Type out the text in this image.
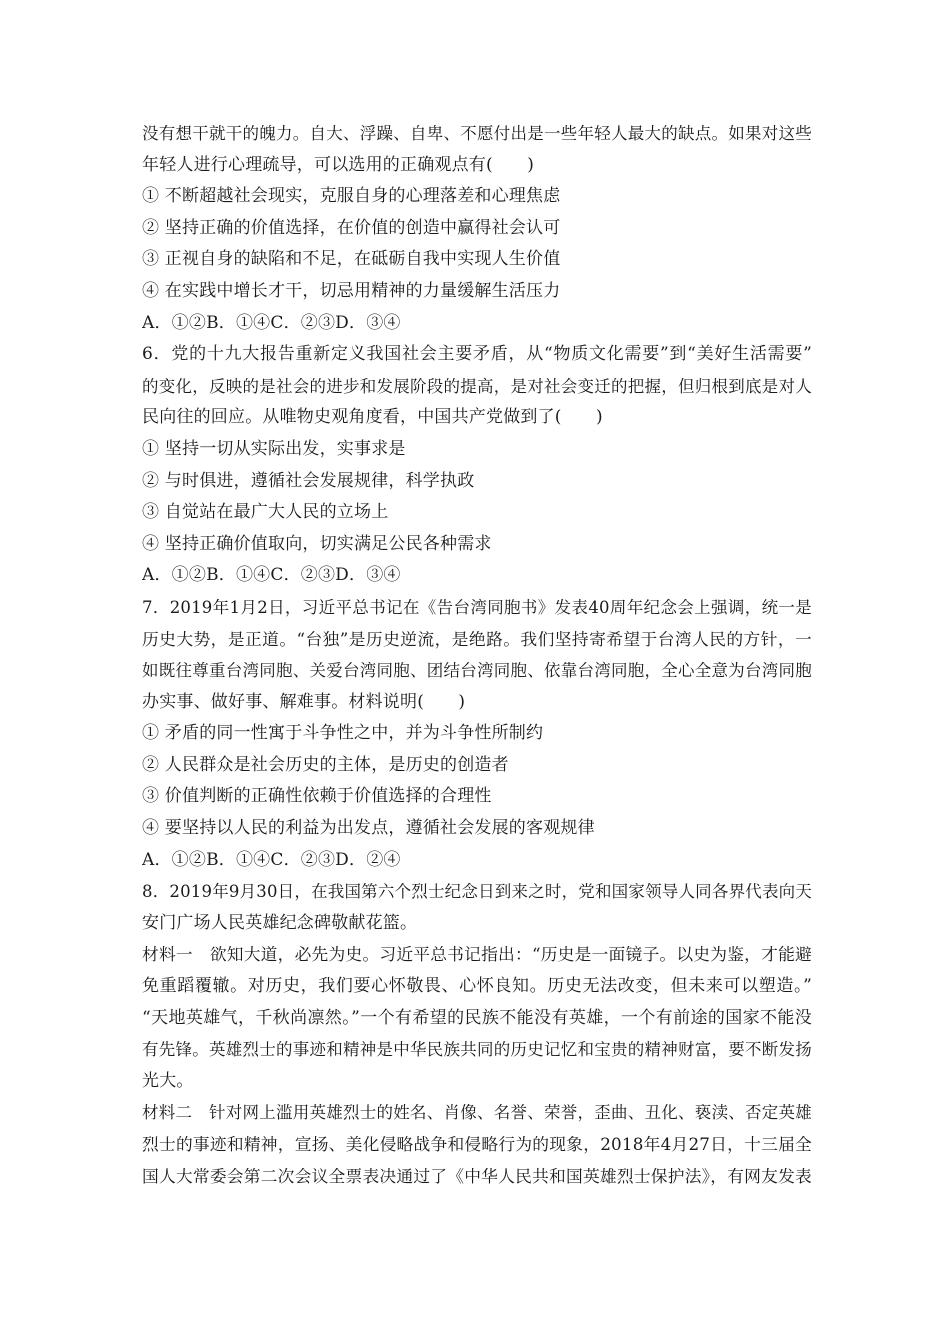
没有想干就干的魄力。自大、浮躁、自卑、不愿付出是一些年轻人最大的缺点。如果对这些
年轻人进行心理疏导，可以选用的正确观点有(　　)
① 不断超越社会现实，克服自身的心理落差和心理焦虑
② 坚持正确的价值选择，在价值的创造中赢得社会认可
③ 正视自身的缺陷和不足，在砥砺自我中实现人生价值
④ 在实践中增长才干，切忌用精神的力量缓解生活压力
A．①②B．①④C．②③D．③④
6．党的十九大报告重新定义我国社会主要矛盾，从“物质文化需要”到“美好生活需要”
的变化，反映的是社会的进步和发展阶段的提高，是对社会变迁的把握，但归根到底是对人
民向往的回应。从唯物史观角度看，中国共产党做到了(　　)
① 坚持一切从实际出发，实事求是
② 与时俱进，遵循社会发展规律，科学执政
③ 自觉站在最广大人民的立场上
④ 坚持正确价值取向，切实满足公民各种需求
A．①②B．①④C．②③D．③④
7．2019年1月2日，习近平总书记在《告台湾同胞书》发表40周年纪念会上强调，统一是
历史大势，是正道。“台独”是历史逆流，是绝路。我们坚持寄希望于台湾人民的方针，一
如既往尊重台湾同胞、关爱台湾同胞、团结台湾同胞、依靠台湾同胞，全心全意为台湾同胞
办实事、做好事、解难事。材料说明(　　)
① 矛盾的同一性寓于斗争性之中，并为斗争性所制约
② 人民群众是社会历史的主体，是历史的创造者
③ 价值判断的正确性依赖于价值选择的合理性
④ 要坚持以人民的利益为出发点，遵循社会发展的客观规律
A．①②B．①④C．②③D．②④
8．2019年9月30日，在我国第六个烈士纪念日到来之时，党和国家领导人同各界代表向天
安门广场人民英雄纪念碑敬献花篮。
材料一　欲知大道，必先为史。习近平总书记指出：“历史是一面镜子。以史为鉴，才能避
免重蹈覆辙。对历史，我们要心怀敬畏、心怀良知。历史无法改变，但未来可以塑造。”
“天地英雄气，千秋尚凛然。”一个有希望的民族不能没有英雄，一个有前途的国家不能没
有先锋。英雄烈士的事迹和精神是中华民族共同的历史记忆和宝贵的精神财富，要不断发扬
光大。
材料二　针对网上滥用英雄烈士的姓名、肖像、名誉、荣誉，歪曲、丑化、亵渎、否定英雄
烈士的事迹和精神，宣扬、美化侵略战争和侵略行为的现象，2018年4月27日，十三届全
国人大常委会第二次会议全票表决通过了《中华人民共和国英雄烈士保护法》，有网友发表
